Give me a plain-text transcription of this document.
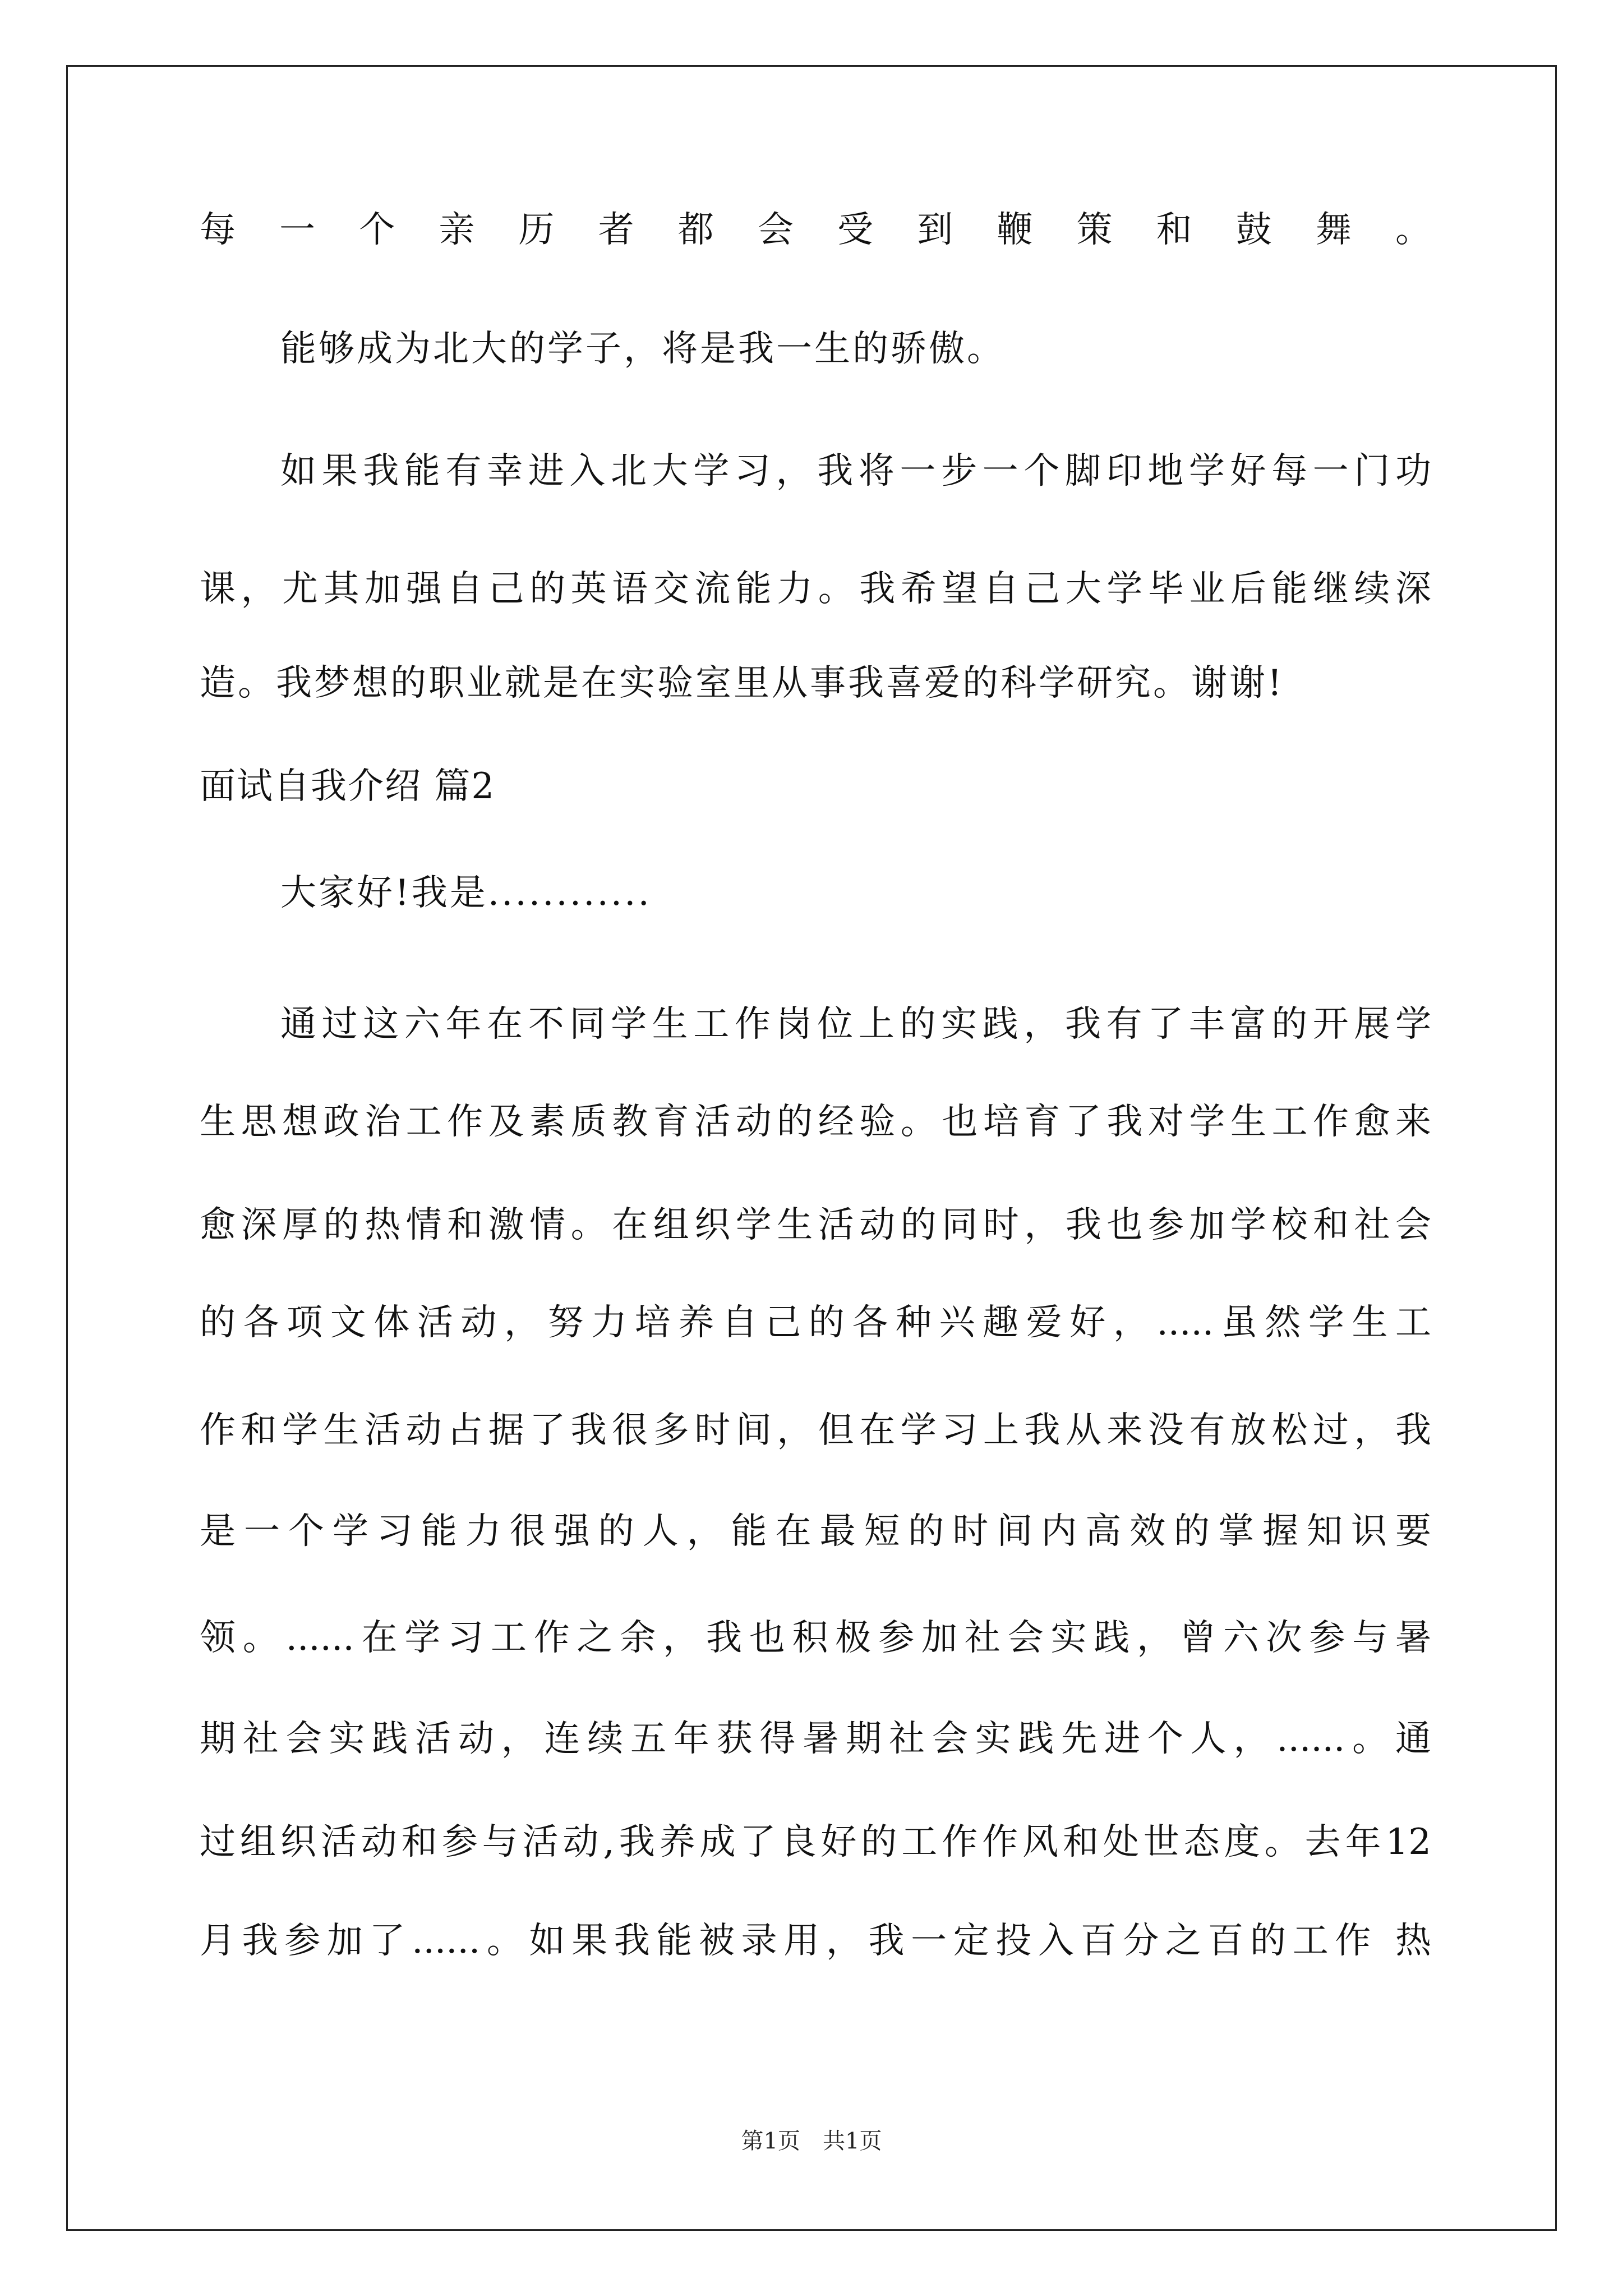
每一个亲历者都会受到鞭策和鼓舞。
能够成为北大的学子，将是我一生的骄傲。
如果我能有幸进入北大学习，我将一步一个脚印地学好每一门功
课，尤其加强自己的英语交流能力。我希望自己大学毕业后能继续深
造。我梦想的职业就是在实验室里从事我喜爱的科学研究。谢谢!
面试自我介绍 篇2
大家好!我是............
通过这六年在不同学生工作岗位上的实践，我有了丰富的开展学
生思想政治工作及素质教育活动的经验。也培育了我对学生工作愈来
愈深厚的热情和激情。在组织学生活动的同时，我也参加学校和社会
的各项文体活动，努力培养自己的各种兴趣爱好，.....虽然学生工
作和学生活动占据了我很多时间，但在学习上我从来没有放松过，我
是一个学习能力很强的人，能在最短的时间内高效的掌握知识要
领。......在学习工作之余，我也积极参加社会实践，曾六次参与暑
期社会实践活动，连续五年获得暑期社会实践先进个人，......。通
过组织活动和参与活动,我养成了良好的工作作风和处世态度。去年12
月我参加了......。如果我能被录用，我一定投入百分之百的工作 热
第1页　共1页
